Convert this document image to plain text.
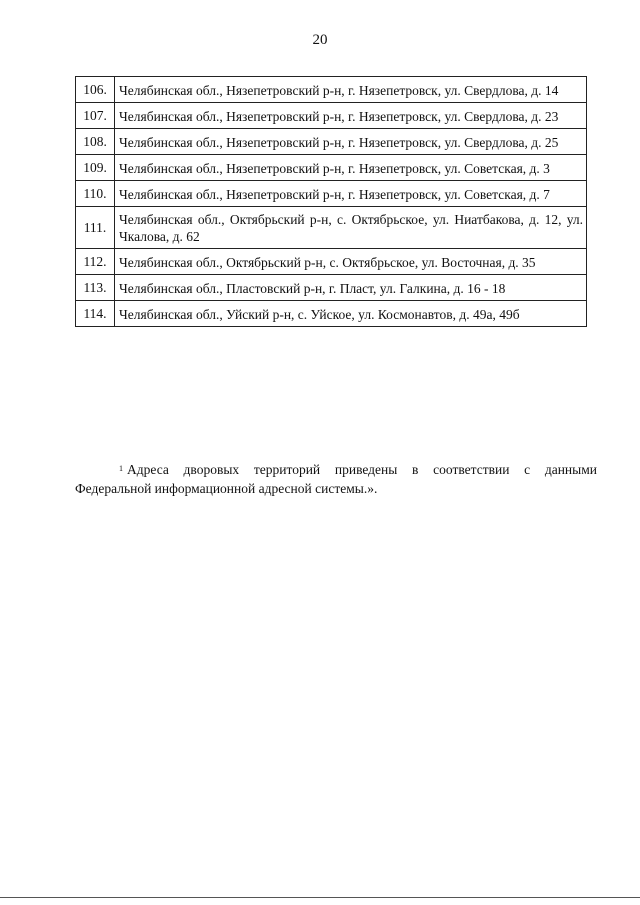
20
106.	Челябинская обл., Нязепетровский р-н, г. Нязепетровск, ул. Свердлова, д. 14
107.	Челябинская обл., Нязепетровский р-н, г. Нязепетровск, ул. Свердлова, д. 23
108.	Челябинская обл., Нязепетровский р-н, г. Нязепетровск, ул. Свердлова, д. 25
109.	Челябинская обл., Нязепетровский р-н, г. Нязепетровск, ул. Советская, д. 3
110.	Челябинская обл., Нязепетровский р-н, г. Нязепетровск, ул. Советская, д. 7
111.	Челябинская обл., Октябрьский р-н, с. Октябрьское, ул. Ниатбакова, д. 12, ул. Чкалова, д. 62
112.	Челябинская обл., Октябрьский р-н, с. Октябрьское, ул. Восточная, д. 35
113.	Челябинская обл., Пластовский р-н, г. Пласт, ул. Галкина, д. 16 - 18
114.	Челябинская обл., Уйский р-н, с. Уйское, ул. Космонавтов, д. 49а, 49б
$^1$ Адреса дворовых территорий приведены в соответствии с данными Федеральной информационной адресной системы.».
